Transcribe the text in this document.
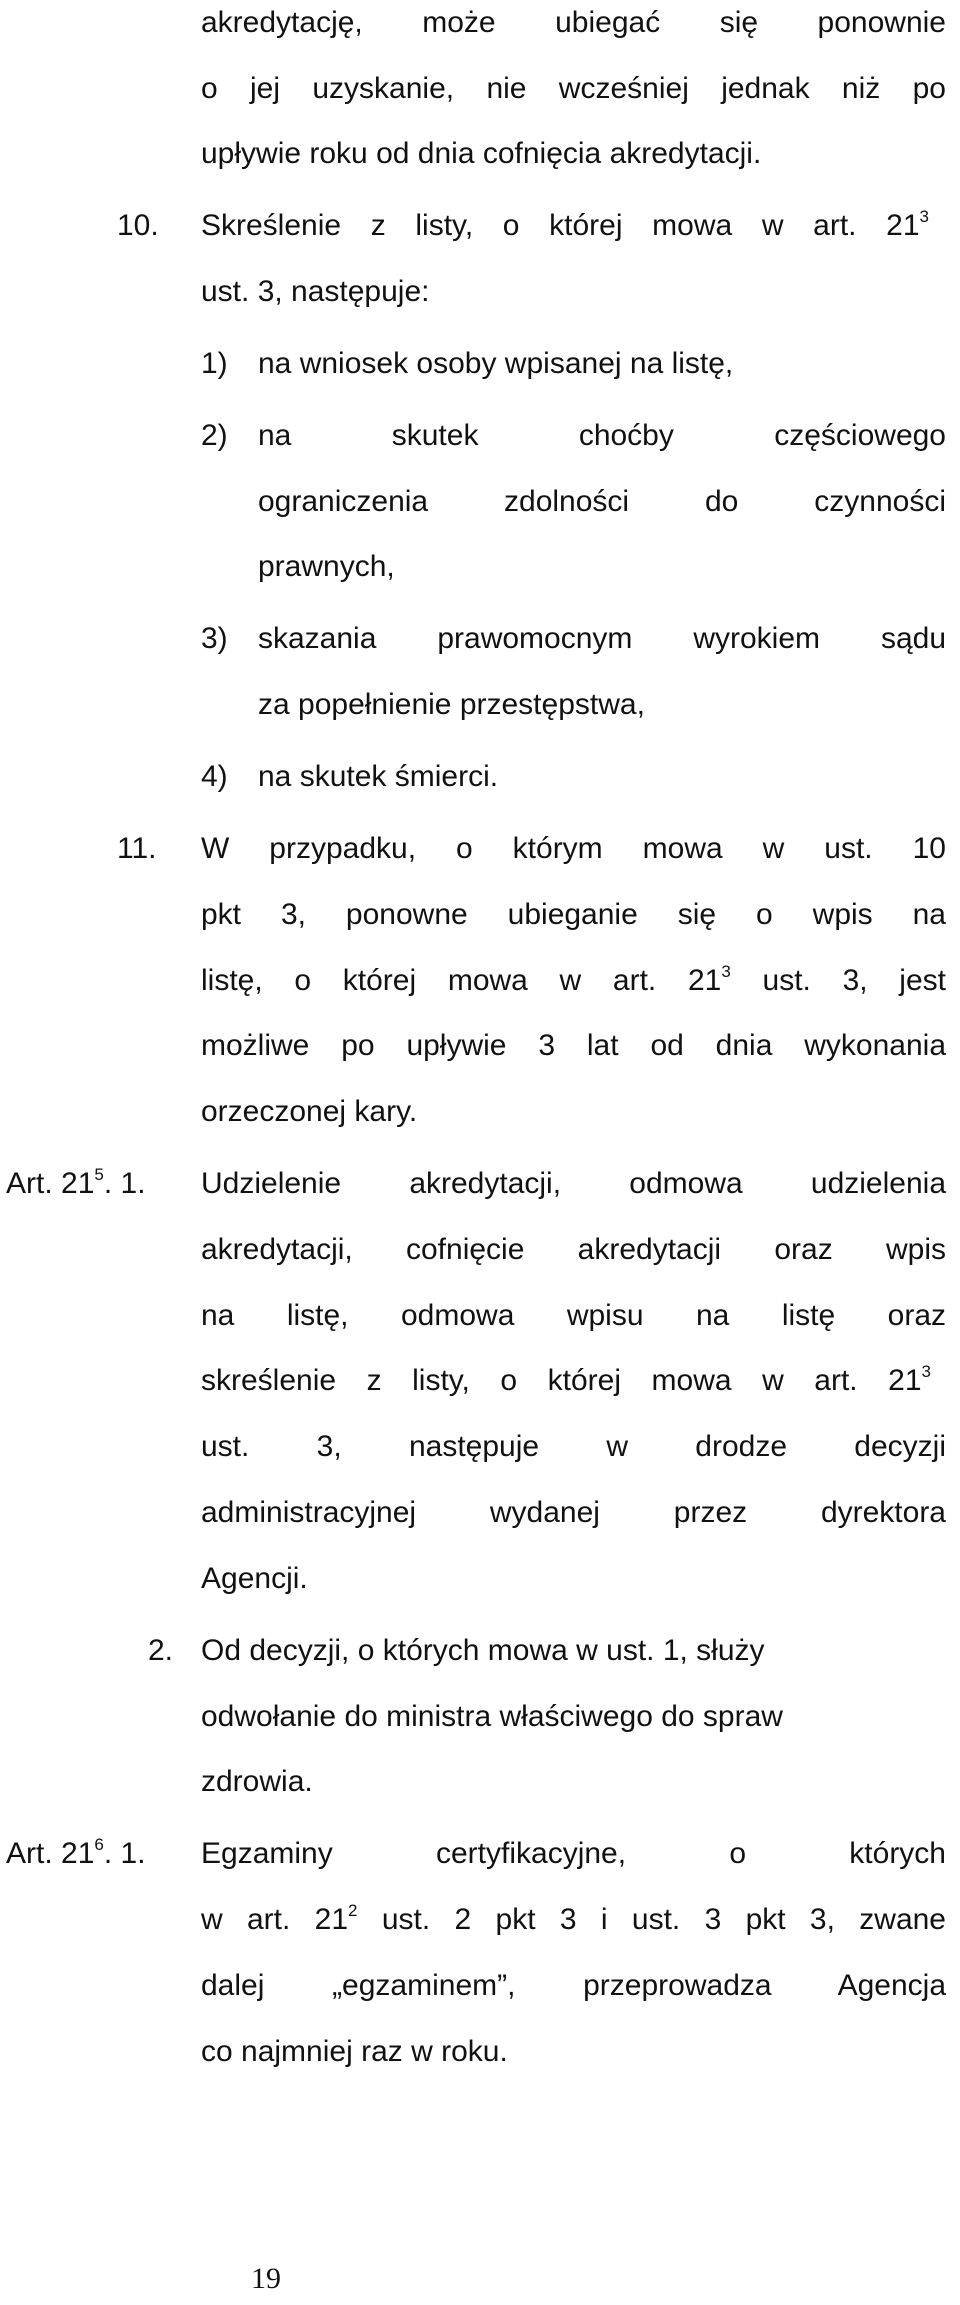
akredytację, może ubiegać się ponownie
o jej uzyskanie, nie wcześniej jednak niż po
upływie roku od dnia cofnięcia akredytacji.
10. Skreślenie z listy, o której mowa w art. $21^3$
ust. 3, następuje:
1) na wniosek osoby wpisanej na listę,
2) na skutek choćby częściowego
ograniczenia zdolności do czynności
prawnych,
3) skazania prawomocnym wyrokiem sądu
za popełnienie przestępstwa,
4) na skutek śmierci.
11. W przypadku, o którym mowa w ust. 10
pkt 3, ponowne ubieganie się o wpis na
listę, o której mowa w art. $21^3$ ust. 3, jest
możliwe po upływie 3 lat od dnia wykonania
orzeczonej kary.
Art. $21^5$. 1. Udzielenie akredytacji, odmowa udzielenia
akredytacji, cofnięcie akredytacji oraz wpis
na listę, odmowa wpisu na listę oraz
skreślenie z listy, o której mowa w art. $21^3$
ust. 3, następuje w drodze decyzji
administracyjnej wydanej przez dyrektora
Agencji.
2. Od decyzji, o których mowa w ust. 1, służy
odwołanie do ministra właściwego do spraw
zdrowia.
Art. $21^6$. 1. Egzaminy certyfikacyjne, o których
w art. $21^2$ ust. 2 pkt 3 i ust. 3 pkt 3, zwane
dalej „egzaminem”, przeprowadza Agencja
co najmniej raz w roku.
19
